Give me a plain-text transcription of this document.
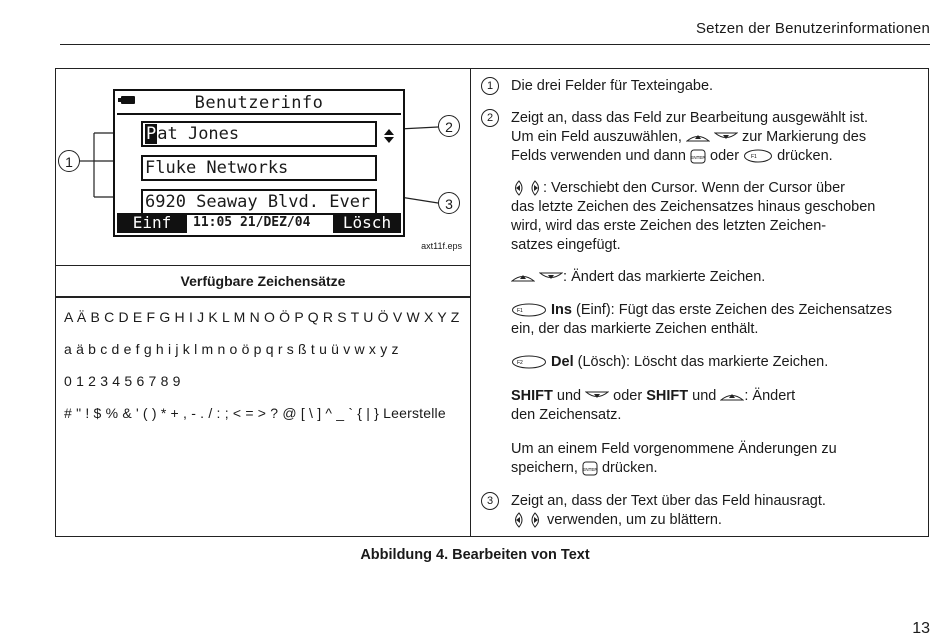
Setzen der Benutzerinformationen
Benutzerinfo
Pat Jones
Fluke Networks
6920 Seaway Blvd. Ever
Einf	11:05 21/DEZ/04	Lösch
1
2
3
axt11f.eps
Verfügbare Zeichensätze
A Ä B C D E F G H I J K L M N O Ö P Q R S T U Ö V W X Y Z
a ä b c d e f g h i j k l m n o ö p q r s ß t u ü v w x y z
0 1 2 3 4 5 6 7 8 9
# " ! $ % & ' ( ) * + , - . / : ; < = > ? @ [ \ ] ^ _ ` { | } Leerstelle
1	Die drei Felder für Texteingabe.
2	Zeigt an, dass das Feld zur Bearbeitung ausgewählt ist.
Um ein Feld auszuwählen,	zur Markierung des
Felds verwenden und dann ENTER oder F1 drücken.
: Verschiebt den Cursor. Wenn der Cursor über
das letzte Zeichen des Zeichensatzes hinaus geschoben
wird, wird das erste Zeichen des letzten Zeichen-
satzes eingefügt.
: Ändert das markierte Zeichen.
F1 Ins (Einf): Fügt das erste Zeichen des Zeichensatzes
ein, der das markierte Zeichen enthält.
F2 Del (Lösch): Löscht das markierte Zeichen.
SHIFT und  oder SHIFT und : Ändert
den Zeichensatz.
Um an einem Feld vorgenommene Änderungen zu
speichern, ENTER drücken.
3	Zeigt an, dass der Text über das Feld hinausragt.
verwenden, um zu blättern.
Abbildung 4. Bearbeiten von Text
13
